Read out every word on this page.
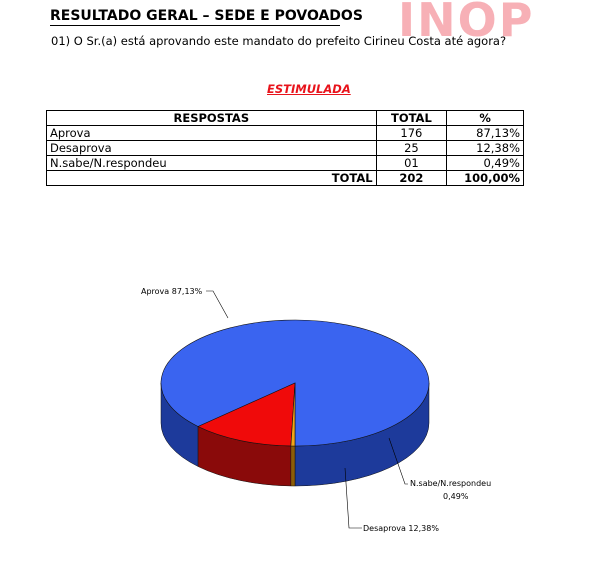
INOP
RESULTADO GERAL – SEDE E POVOADOS
01) O Sr.(a) está aprovando este mandato do prefeito Cirineu Costa até agora?
ESTIMULADA
RESPOSTAS	TOTAL	%
Aprova	176	87,13%
Desaprova	25	12,38%
N.sabe/N.respondeu	01	0,49%
TOTAL	202	100,00%
Aprova 87,13%
Desaprova 12,38%
N.sabe/N.respondeu
0,49%
